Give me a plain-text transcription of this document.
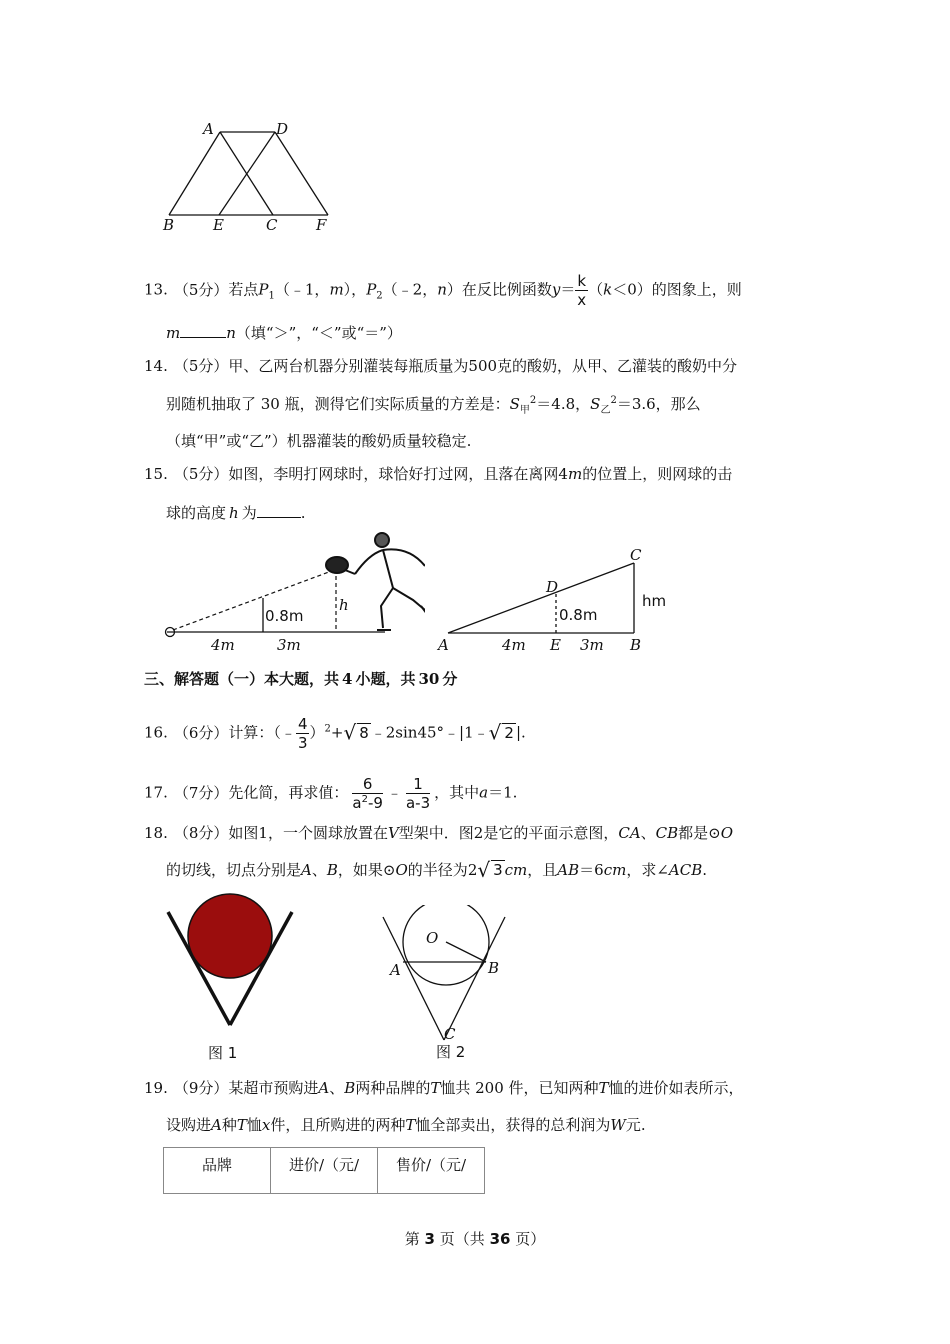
A	D
B	E	C	F
13. （5分）若点$P_1(﹣1$，m），$P_2(﹣2$，n）在反比例函数$y= \frac{k}{x} (k<0)$的图象上，则
m	n（填“＞”，“＜”或“＝”）
14. （5分）甲、乙两台机器分别灌装每瓶质量为500克的酸奶，从甲、乙灌装的酸奶中分
别随机抽取了 30 瓶，测得它们实际质量的方差是：$S_甲^2=4.8$，$S_乙^2=3.6$，那么
（填“甲”或“乙”）机器灌装的酸奶质量较稳定.
15. （5分）如图，李明打网球时，球恰好打过网，且落在离网4m的位置上，则网球的击
球的高度 h 为	.
0.8m
h
4m	3m
C
D
A	E	B
0.8m
hm
4m	3m
三、解答题（一）本大题，共 4 小题，共 30 分
16. （6分）计算：（﹣ $\frac{4}{3} )^2+√$ 8 ﹣2sin45°﹣|1﹣√ 2 |.
17. （7分）先化简，再求值： $\frac{6}{a^2-9}$ ﹣ $\frac{1}{a-3}$ ，其中a＝1.
18. （8分）如图1，一个圆球放置在V型架中．图2是它的平面示意图，CA、CB都是⊙O
的切线，切点分别是A、B，如果⊙O的半径为2√ 3 cm，且AB＝6cm，求∠ACB.
图 1
O
A	B
C
图 2
19. （9分）某超市预购进A、B两种品牌的T恤共 200 件，已知两种T恤的进价如表所示，
设购进A种T恤x件，且所购进的两种T恤全部卖出，获得的总利润为W元.
品牌	进价/（元/	售价/（元/
第 3 页（共 36 页）
